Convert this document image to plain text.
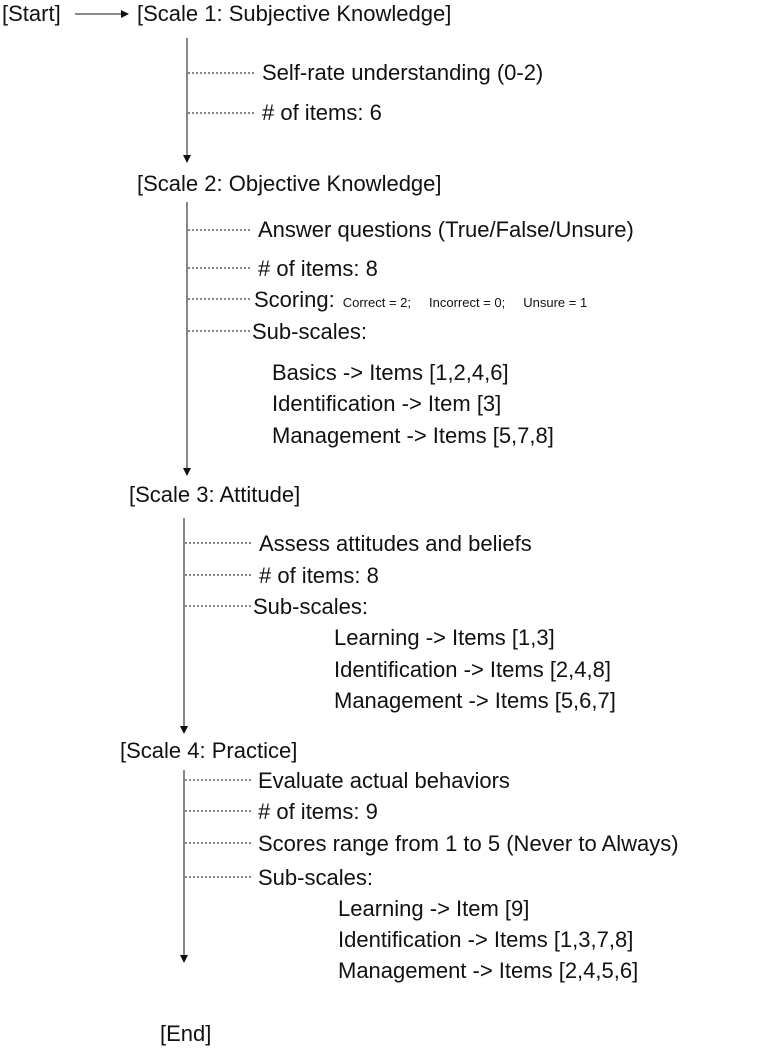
[Start]	[Scale 1: Subjective Knowledge]
Self-rate understanding (0-2)
# of items: 6
[Scale 2: Objective Knowledge]
Answer questions (True/False/Unsure)
# of items: 8
Scoring: Correct = 2; Incorrect = 0; Unsure = 1
Sub-scales:
Basics -> Items [1,2,4,6]
Identification -> Item [3]
Management -> Items [5,7,8]
[Scale 3: Attitude]
Assess attitudes and beliefs
# of items: 8
Sub-scales:
Learning -> Items [1,3]
Identification -> Items [2,4,8]
Management -> Items [5,6,7]
[Scale 4: Practice]
Evaluate actual behaviors
# of items: 9
Scores range from 1 to 5 (Never to Always)
Sub-scales:
Learning -> Item [9]
Identification -> Items [1,3,7,8]
Management -> Items [2,4,5,6]
[End]
